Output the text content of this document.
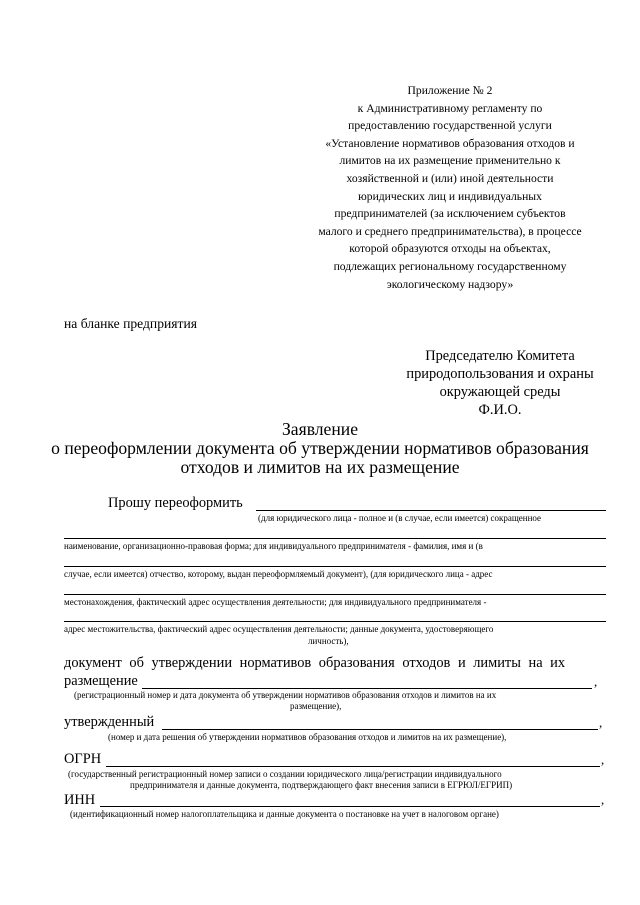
Приложение № 2
к Административному регламенту по
предоставлению государственной услуги
«Установление нормативов образования отходов и
лимитов на их размещение применительно к
хозяйственной и (или) иной деятельности
юридических лиц и индивидуальных
предпринимателей (за исключением субъектов
малого и среднего предпринимательства), в процессе
которой образуются отходы на объектах,
подлежащих региональному государственному
экологическому надзору»
на бланке предприятия
Председателю Комитета
природопользования и охраны
окружающей среды
Ф.И.О.
Заявление
о переоформлении документа об утверждении нормативов образования
отходов и лимитов на их размещение
Прошу переоформить
(для юридического лица - полное и (в случае, если имеется) сокращенное
наименование, организационно-правовая форма; для индивидуального предпринимателя - фамилия, имя и (в
случае, если имеется) отчество, которому, выдан переоформляемый документ), (для юридического лица - адрес
местонахождения, фактический адрес осуществления деятельности; для индивидуального предпринимателя -
адрес местожительства, фактический адрес осуществления деятельности; данные документа, удостоверяющего
личность),
документ об утверждении нормативов образования отходов и лимиты на их
размещение	,
(регистрационный номер и дата документа об утверждении нормативов образования отходов и лимитов на их
размещение),
утвержденный	,
(номер и дата решения об утверждении нормативов образования отходов и лимитов на их размещение),
ОГРН	,
(государственный регистрационный номер записи о создании юридического лица/регистрации индивидуального
предпринимателя и данные документа, подтверждающего факт внесения записи в ЕГРЮЛ/ЕГРИП)
ИНН	,
(идентификационный номер налогоплательщика и данные документа о постановке на учет в налоговом органе)
